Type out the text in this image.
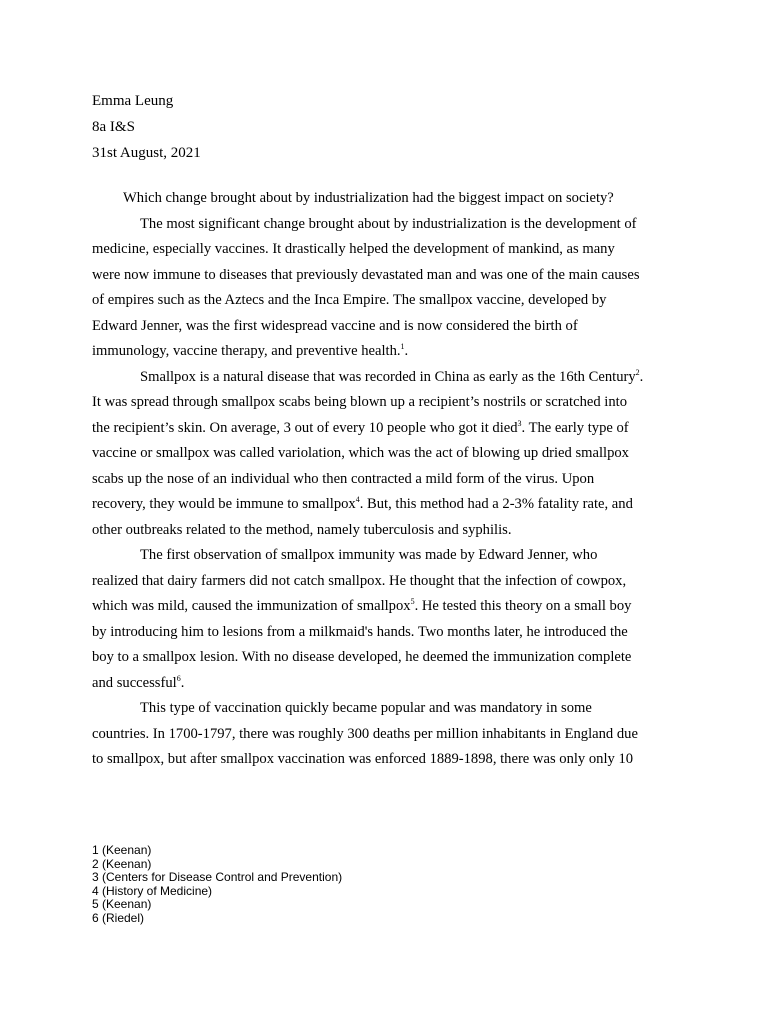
Emma Leung
8a I&S
31st August, 2021
Which change brought about by industrialization had the biggest impact on society?
The most significant change brought about by industrialization is the development of
medicine, especially vaccines. It drastically helped the development of mankind, as many
were now immune to diseases that previously devastated man and was one of the main causes
of empires such as the Aztecs and the Inca Empire. The smallpox vaccine, developed by
Edward Jenner, was the first widespread vaccine and is now considered the birth of
immunology, vaccine therapy, and preventive health.$^1$.
Smallpox is a natural disease that was recorded in China as early as the 16th Century$^2$.
It was spread through smallpox scabs being blown up a recipient’s nostrils or scratched into
the recipient’s skin. On average, 3 out of every 10 people who got it died$^3$. The early type of
vaccine or smallpox was called variolation, which was the act of blowing up dried smallpox
scabs up the nose of an individual who then contracted a mild form of the virus. Upon
recovery, they would be immune to smallpox$^4$. But, this method had a 2-3% fatality rate, and
other outbreaks related to the method, namely tuberculosis and syphilis.
The first observation of smallpox immunity was made by Edward Jenner, who
realized that dairy farmers did not catch smallpox. He thought that the infection of cowpox,
which was mild, caused the immunization of smallpox$^5$. He tested this theory on a small boy
by introducing him to lesions from a milkmaid's hands. Two months later, he introduced the
boy to a smallpox lesion. With no disease developed, he deemed the immunization complete
and successful$^6$.
This type of vaccination quickly became popular and was mandatory in some
countries. In 1700-1797, there was roughly 300 deaths per million inhabitants in England due
to smallpox, but after smallpox vaccination was enforced 1889-1898, there was only only 10
1 (Keenan)
2 (Keenan)
3 (Centers for Disease Control and Prevention)
4 (History of Medicine)
5 (Keenan)
6 (Riedel)
